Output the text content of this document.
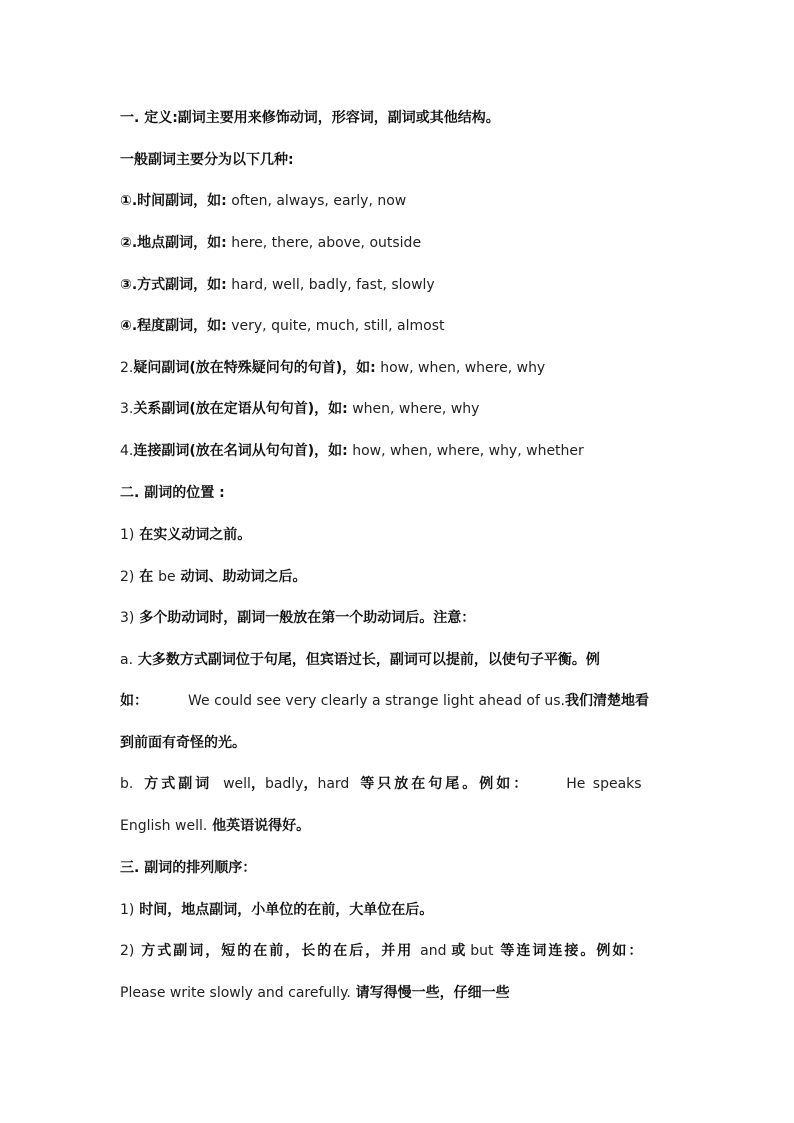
一. 定义:副词主要用来修饰动词，形容词，副词或其他结构。
一般副词主要分为以下几种:
①.时间副词，如: often, always, early, now
②.地点副词，如: here, there, above, outside
③.方式副词，如: hard, well, badly, fast, slowly
④.程度副词，如: very, quite, much, still, almost
2.疑问副词(放在特殊疑问句的句首)，如: how, when, where, why
3.关系副词(放在定语从句句首)，如: when, where, why
4.连接副词(放在名词从句句首)，如: how, when, where, why, whether
二. 副词的位置 :
1) 在实义动词之前。
2) 在 be 动词、助动词之后。
3) 多个助动词时，副词一般放在第一个助动词后。注意：
a. 大多数方式副词位于句尾，但宾语过长，副词可以提前，以使句子平衡。例
如：	We could see very clearly a strange light ahead of us.我们清楚地看
到前面有奇怪的光。
b. 方式副词 well，badly，hard 等只放在句尾。例如：	He speaks
English well. 他英语说得好。
三. 副词的排列顺序：
1) 时间，地点副词，小单位的在前，大单位在后。
2) 方式副词，短的在前，长的在后，并用 and 或 but 等连词连接。例如：
Please write slowly and carefully. 请写得慢一些，仔细一些
